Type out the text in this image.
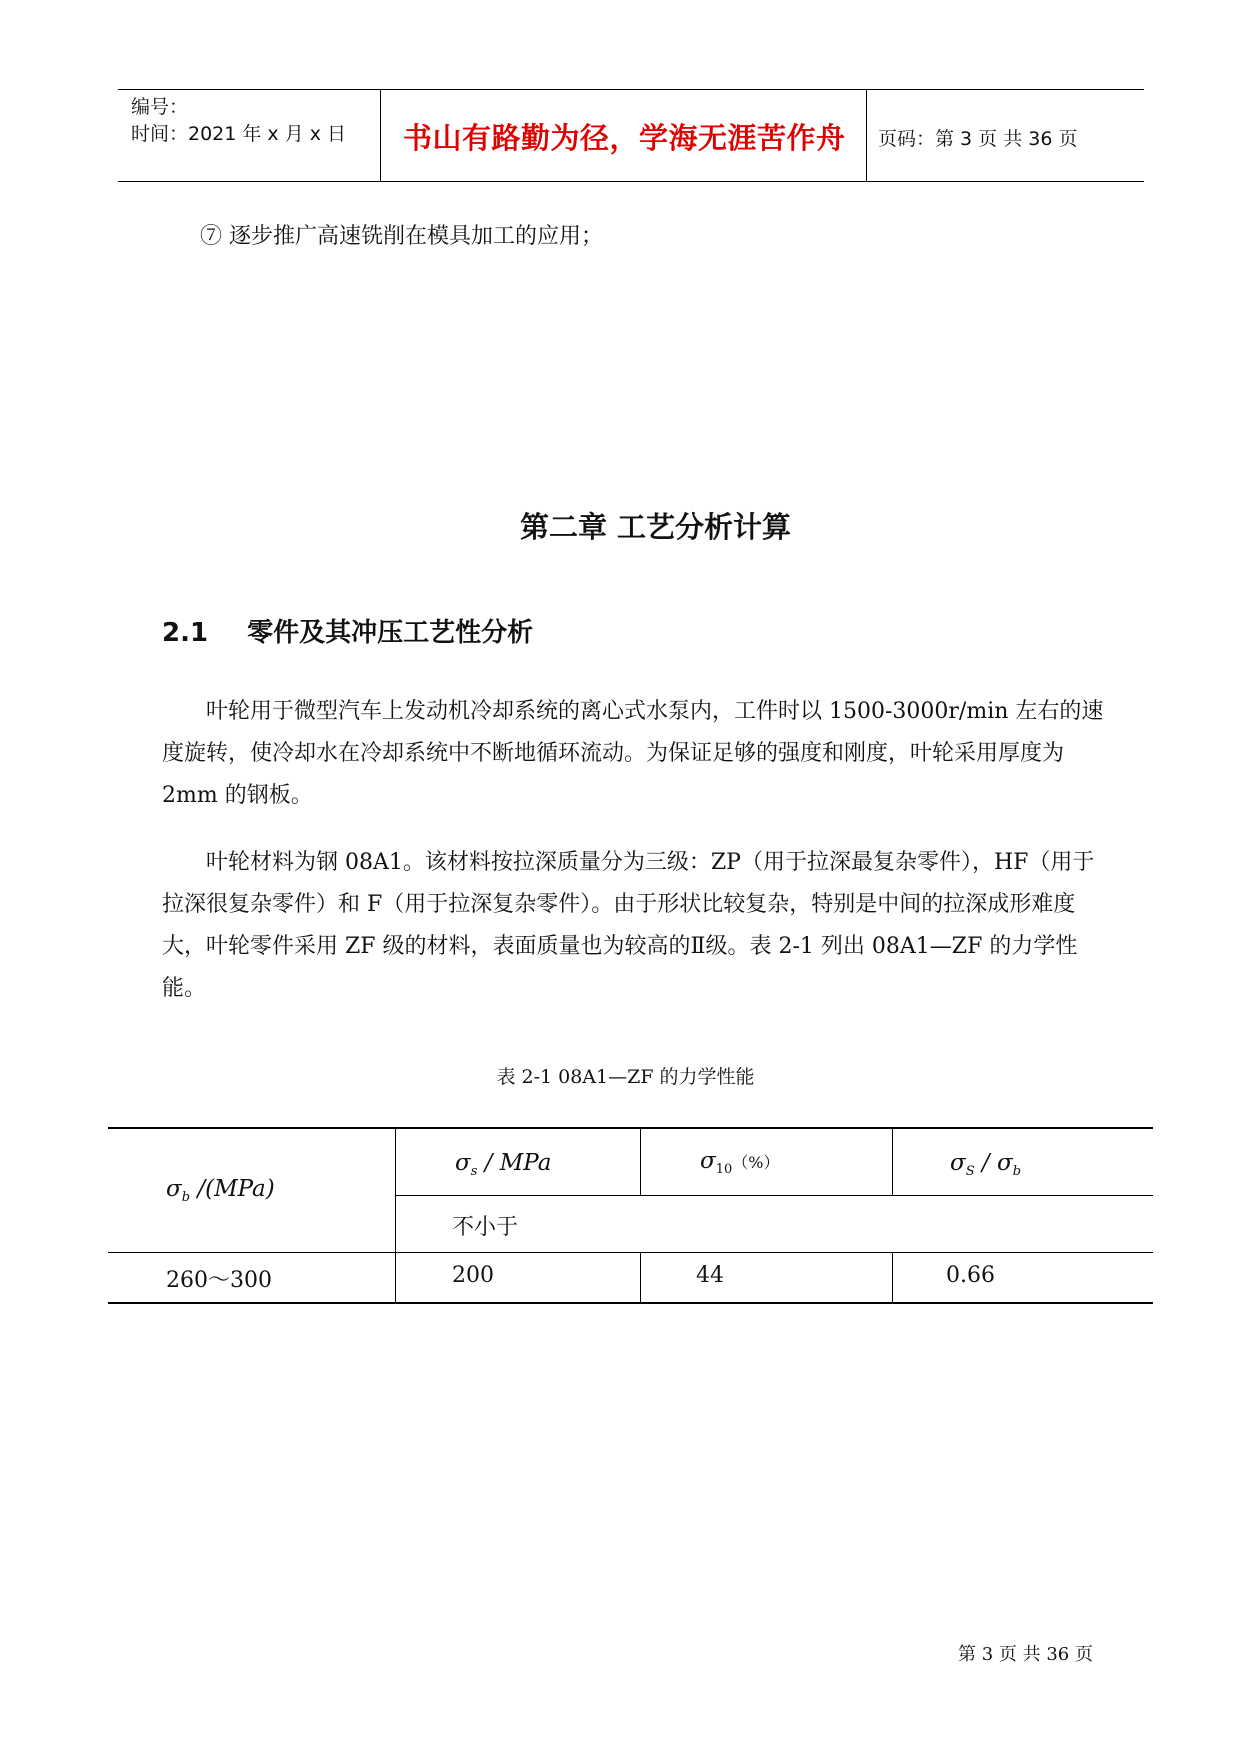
编号：
时间：2021 年 x 月 x 日 书山有路勤为径，学海无涯苦作舟 页码：第 3 页 共 36 页
⑦ 逐步推广高速铣削在模具加工的应用；
第二章 工艺分析计算
2.1 零件及其冲压工艺性分析
叶轮用于微型汽车上发动机冷却系统的离心式水泵内，工件时以 1500-3000r/min 左右的速度旋转，使冷却水在冷却系统中不断地循环流动。为保证足够的强度和刚度，叶轮采用厚度为 2mm 的钢板。
叶轮材料为钢 08A1。该材料按拉深质量分为三级：ZP（用于拉深最复杂零件），HF（用于拉深很复杂零件）和 F（用于拉深复杂零件）。由于形状比较复杂，特别是中间的拉深成形难度大，叶轮零件采用 ZF 级的材料，表面质量也为较高的Ⅱ级。表 2-1 列出 08A1—ZF 的力学性能。
表 2-1 08A1—ZF 的力学性能
$\sigma_b$ /(MPa)
$\sigma_s$ / MPa	$\sigma_{10}(\%)$	$\sigma_S / \sigma_b$
不小于
260～300	200	44	0.66
第 3 页 共 36 页
